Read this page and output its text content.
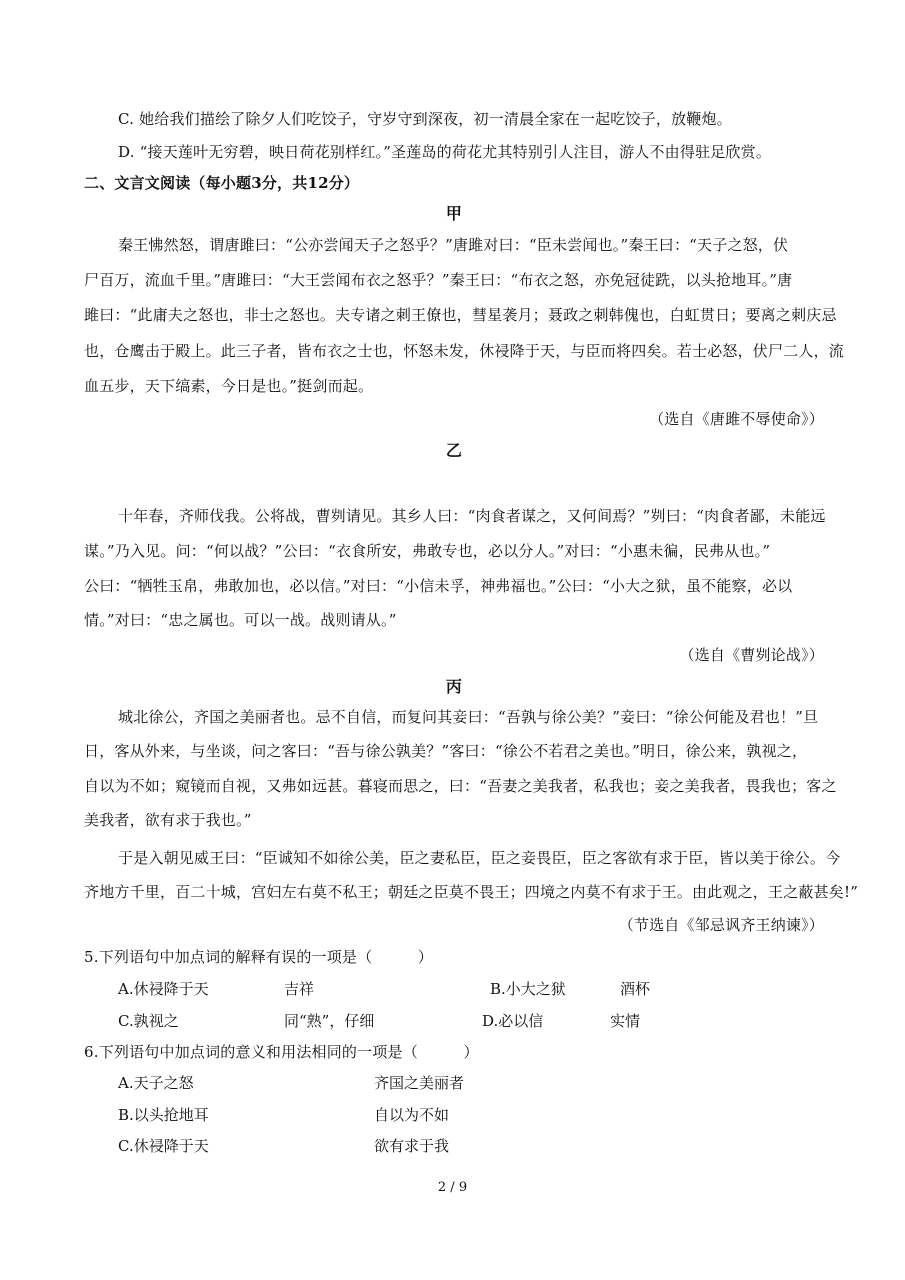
C. 她给我们描绘了除夕人们吃饺子，守岁守到深夜，初一清晨全家在一起吃饺子，放鞭炮。
D. “接天莲叶无穷碧，映日荷花别样红。”圣莲岛的荷花尤其特别引人注目，游人不由得驻足欣赏。
二、文言文阅读（每小题3分，共12分）
甲
秦王怫然怒，谓唐雎曰：“公亦尝闻天子之怒乎？”唐雎对曰：“臣未尝闻也。”秦王曰：“天子之怒，伏
尸百万，流血千里。”唐雎曰：“大王尝闻布衣之怒乎？”秦王曰：“布衣之怒，亦免冠徒跣，以头抢地耳。”唐
雎曰：“此庸夫之怒也，非士之怒也。夫专诸之刺王僚也，彗星袭月；聂政之刺韩傀也，白虹贯日；要离之刺庆忌
也，仓鹰击于殿上。此三子者，皆布衣之士也，怀怒未发，休祲降于天，与臣而将四矣。若士必怒，伏尸二人，流
血五步，天下缟素，今日是也。”挺剑而起。
（选自《唐雎不辱使命》）
乙
十年春，齐师伐我。公将战，曹刿请见。其乡人曰：“肉食者谋之，又何间焉？”刿曰：“肉食者鄙，未能远
谋。”乃入见。问：“何以战？”公曰：“衣食所安，弗敢专也，必以分人。”对曰：“小惠未徧，民弗从也。”
公曰：“牺牲玉帛，弗敢加也，必以信。”对曰：“小信未孚，神弗福也。”公曰：“小大之狱，虽不能察，必以
情。”对曰：“忠之属也。可以一战。战则请从。”
（选自《曹刿论战》）
丙
城北徐公，齐国之美丽者也。忌不自信，而复问其妾曰：“吾孰与徐公美？”妾曰：“徐公何能及君也！”旦
日，客从外来，与坐谈，问之客曰：“吾与徐公孰美？”客曰：“徐公不若君之美也。”明日，徐公来，孰视之，
自以为不如；窥镜而自视，又弗如远甚。暮寝而思之，曰：“吾妻之美我者，私我也；妾之美我者，畏我也；客之
美我者，欲有求于我也。”
于是入朝见威王曰：“臣诚知不如徐公美，臣之妻私臣，臣之妾畏臣，臣之客欲有求于臣，皆以美于徐公。今
齐地方千里，百二十城，宫妇左右莫不私王；朝廷之臣莫不畏王；四境之内莫不有求于王。由此观之，王之蔽甚矣!”
（节选自《邹忌讽齐王纳谏》）
5.下列语句中加点词的解释有误的一项是（　　　）
A.休祲降于天	吉祥	B.小大之狱	酒杯
C.孰视之	同“熟”，仔细	D.必以信	实情
6.下列语句中加点词的意义和用法相同的一项是（　　　）
A.天子之怒	齐国之美丽者
B.以头抢地耳	自以为不如
C.休祲降于天	欲有求于我
2 / 9
